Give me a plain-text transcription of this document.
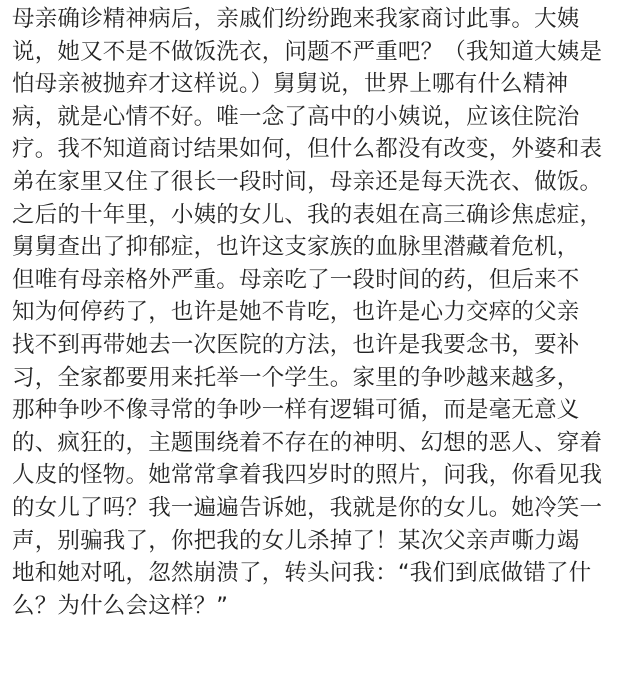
母亲确诊精神病后，亲戚们纷纷跑来我家商讨此事。大姨
说，她又不是不做饭洗衣，问题不严重吧？（我知道大姨是
怕母亲被抛弃才这样说。）舅舅说，世界上哪有什么精神
病，就是心情不好。唯一念了高中的小姨说，应该住院治
疗。我不知道商讨结果如何，但什么都没有改变，外婆和表
弟在家里又住了很长一段时间，母亲还是每天洗衣、做饭。
之后的十年里，小姨的女儿、我的表姐在高三确诊焦虑症，
舅舅查出了抑郁症，也许这支家族的血脉里潜藏着危机，
但唯有母亲格外严重。母亲吃了一段时间的药，但后来不
知为何停药了，也许是她不肯吃，也许是心力交瘁的父亲
找不到再带她去一次医院的方法，也许是我要念书，要补
习，全家都要用来托举一个学生。家里的争吵越来越多，
那种争吵不像寻常的争吵一样有逻辑可循，而是毫无意义
的、疯狂的，主题围绕着不存在的神明、幻想的恶人、穿着
人皮的怪物。她常常拿着我四岁时的照片，问我，你看见我
的女儿了吗？我一遍遍告诉她，我就是你的女儿。她冷笑一
声，别骗我了，你把我的女儿杀掉了！某次父亲声嘶力竭
地和她对吼，忽然崩溃了，转头问我：“我们到底做错了什
么？为什么会这样？”
